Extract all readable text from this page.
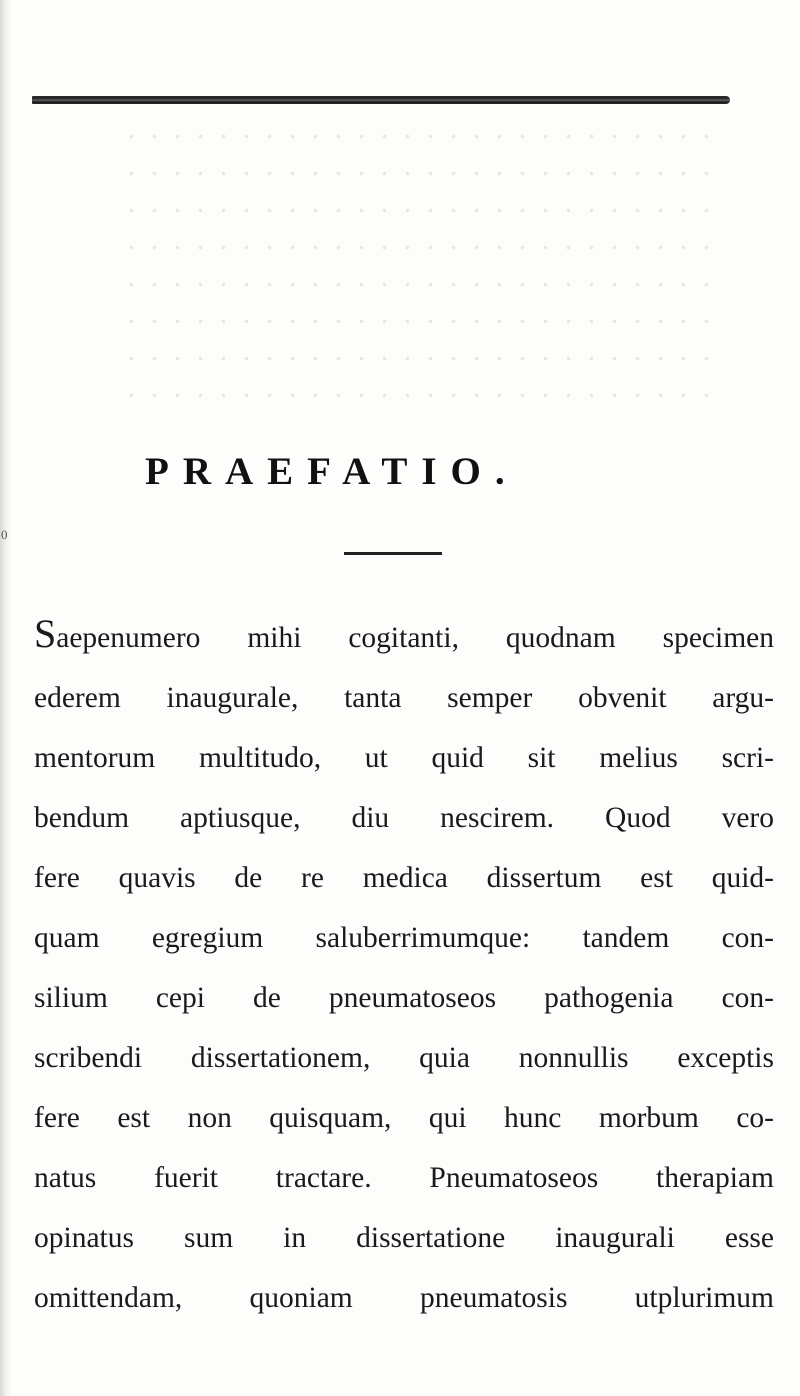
0
PRAEFATIO.
Saepenumero mihi cogitanti, quodnam specimen
ederem inaugurale, tanta semper obvenit argu-
mentorum multitudo, ut quid sit melius scri-
bendum aptiusque, diu nescirem. Quod vero
fere quavis de re medica dissertum est quid-
quam egregium saluberrimumque: tandem con-
silium cepi de pneumatoseos pathogenia con-
scribendi dissertationem, quia nonnullis exceptis
fere est non quisquam, qui hunc morbum co-
natus fuerit tractare. Pneumatoseos therapiam
opinatus sum in dissertatione inaugurali esse
omittendam, quoniam pneumatosis utplurimum
